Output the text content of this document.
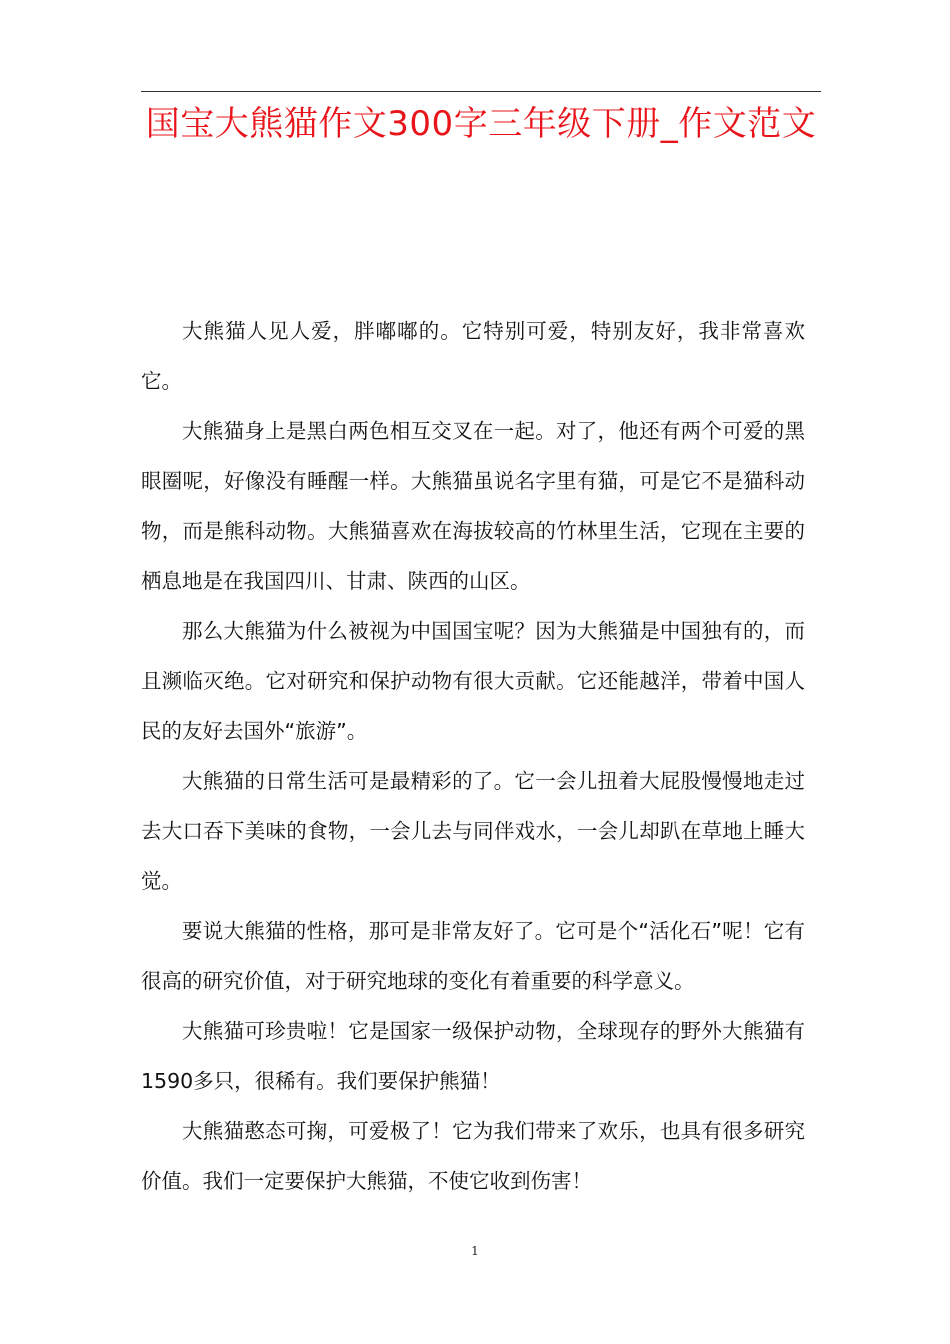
国宝大熊猫作文300字三年级下册_作文范文

大熊猫人见人爱，胖嘟嘟的。它特别可爱，特别友好，我非常喜欢它。

大熊猫身上是黑白两色相互交叉在一起。对了，他还有两个可爱的黑眼圈呢，好像没有睡醒一样。大熊猫虽说名字里有猫，可是它不是猫科动物，而是熊科动物。大熊猫喜欢在海拔较高的竹林里生活，它现在主要的栖息地是在我国四川、甘肃、陕西的山区。

那么大熊猫为什么被视为中国国宝呢？因为大熊猫是中国独有的，而且濒临灭绝。它对研究和保护动物有很大贡献。它还能越洋，带着中国人民的友好去国外“旅游”。

大熊猫的日常生活可是最精彩的了。它一会儿扭着大屁股慢慢地走过去大口吞下美味的食物，一会儿去与同伴戏水，一会儿却趴在草地上睡大觉。

要说大熊猫的性格，那可是非常友好了。它可是个“活化石”呢！它有很高的研究价值，对于研究地球的变化有着重要的科学意义。

大熊猫可珍贵啦！它是国家一级保护动物，全球现存的野外大熊猫有1590多只，很稀有。我们要保护熊猫！

大熊猫憨态可掬，可爱极了！它为我们带来了欢乐，也具有很多研究价值。我们一定要保护大熊猫，不使它收到伤害！

1
